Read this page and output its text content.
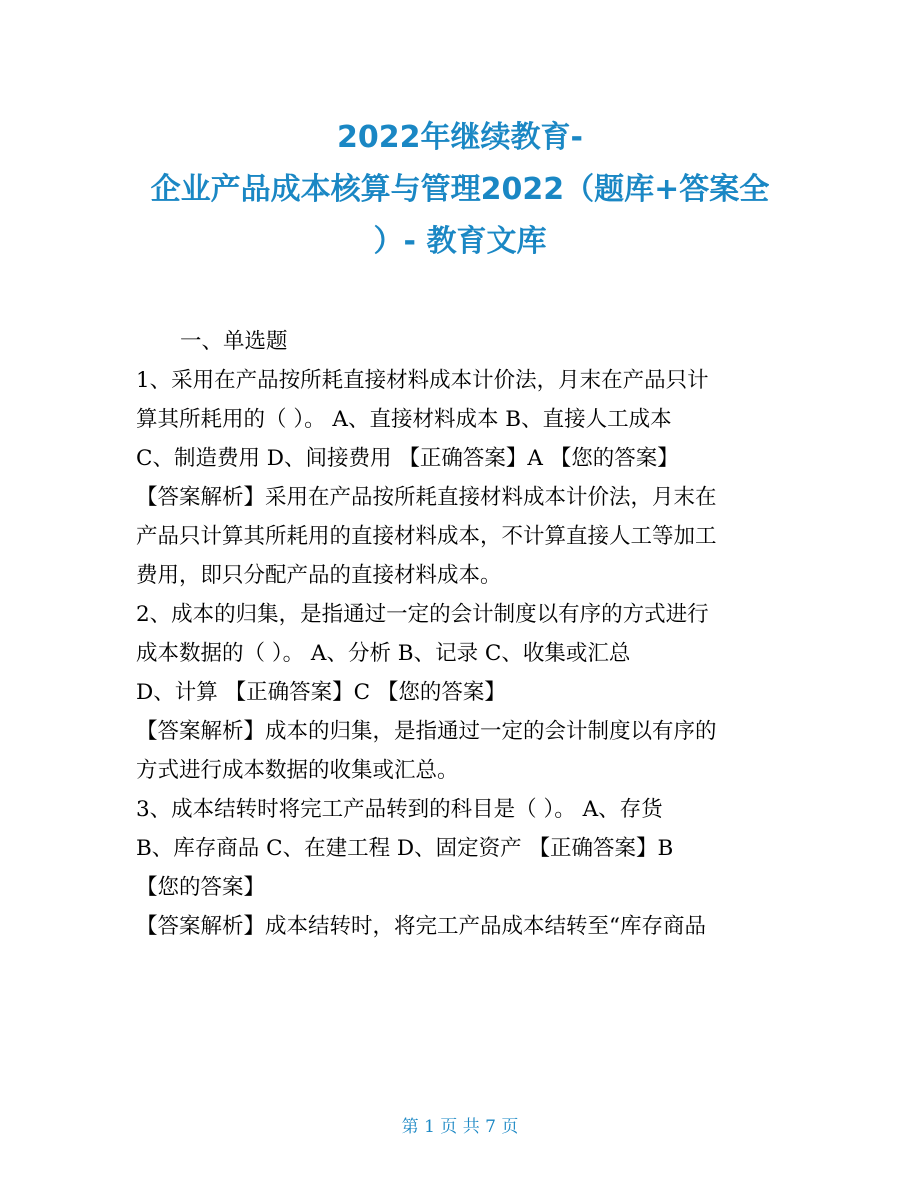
2022年继续教育-
企业产品成本核算与管理2022（题库+答案全
）- 教育文库
一、单选题
1、采用在产品按所耗直接材料成本计价法，月末在产品只计
算其所耗用的（ ）。 A、直接材料成本 B、直接人工成本
C、制造费用 D、间接费用 【正确答案】A 【您的答案】
【答案解析】采用在产品按所耗直接材料成本计价法，月末在
产品只计算其所耗用的直接材料成本，不计算直接人工等加工
费用，即只分配产品的直接材料成本。
2、成本的归集，是指通过一定的会计制度以有序的方式进行
成本数据的（ ）。 A、分析 B、记录 C、收集或汇总
D、计算 【正确答案】C 【您的答案】
【答案解析】成本的归集，是指通过一定的会计制度以有序的
方式进行成本数据的收集或汇总。
3、成本结转时将完工产品转到的科目是（ ）。 A、存货
B、库存商品 C、在建工程 D、固定资产 【正确答案】B
【您的答案】
【答案解析】成本结转时，将完工产品成本结转至“库存商品
第 1 页 共 7 页
